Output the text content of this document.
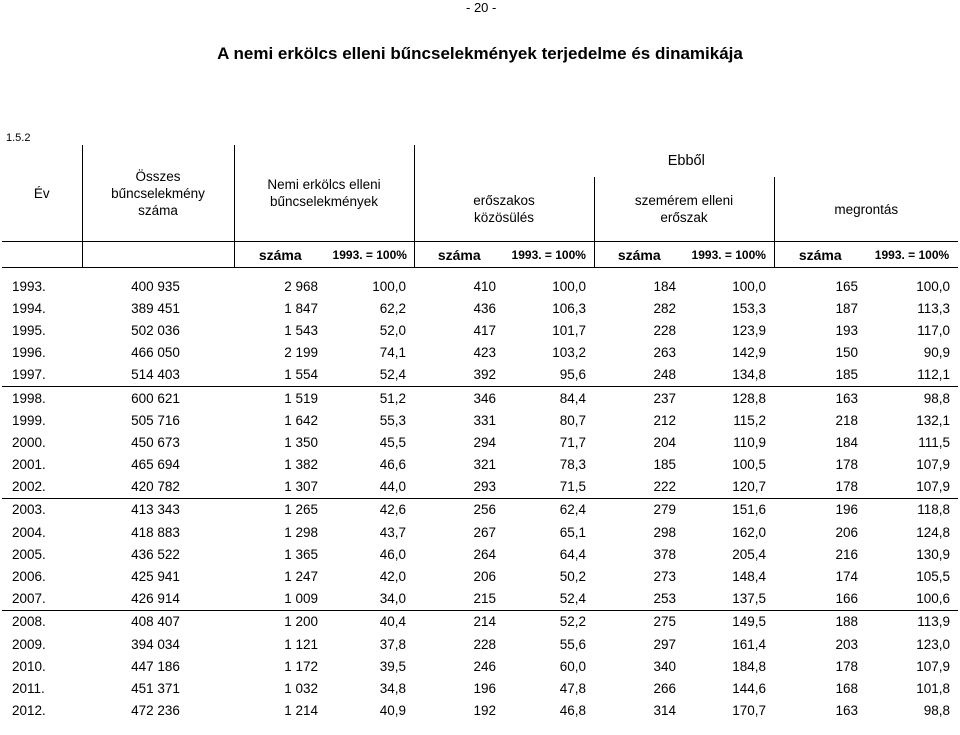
- 20 -
A nemi erkölcs elleni bűncselekmények terjedelme és dinamikája
1.5.2
Év	Összes bűncselekmény száma	Nemi erkölcs elleni bűncselekmények		Ebből					

				erőszakos közösülés		szemérem elleni erőszak		megrontás	
		száma	1993. = 100%	száma	1993. = 100%	száma	1993. = 100%	száma	1993. = 100%

1993.	400 935	2 968	100,0	410	100,0	184	100,0	165	100,0
1994.	389 451	1 847	62,2	436	106,3	282	153,3	187	113,3
1995.	502 036	1 543	52,0	417	101,7	228	123,9	193	117,0
1996.	466 050	2 199	74,1	423	103,2	263	142,9	150	90,9
1997.	514 403	1 554	52,4	392	95,6	248	134,8	185	112,1
1998.	600 621	1 519	51,2	346	84,4	237	128,8	163	98,8
1999.	505 716	1 642	55,3	331	80,7	212	115,2	218	132,1
2000.	450 673	1 350	45,5	294	71,7	204	110,9	184	111,5
2001.	465 694	1 382	46,6	321	78,3	185	100,5	178	107,9
2002.	420 782	1 307	44,0	293	71,5	222	120,7	178	107,9
2003.	413 343	1 265	42,6	256	62,4	279	151,6	196	118,8
2004.	418 883	1 298	43,7	267	65,1	298	162,0	206	124,8
2005.	436 522	1 365	46,0	264	64,4	378	205,4	216	130,9
2006.	425 941	1 247	42,0	206	50,2	273	148,4	174	105,5
2007.	426 914	1 009	34,0	215	52,4	253	137,5	166	100,6
2008.	408 407	1 200	40,4	214	52,2	275	149,5	188	113,9
2009.	394 034	1 121	37,8	228	55,6	297	161,4	203	123,0
2010.	447 186	1 172	39,5	246	60,0	340	184,8	178	107,9
2011.	451 371	1 032	34,8	196	47,8	266	144,6	168	101,8
2012.	472 236	1 214	40,9	192	46,8	314	170,7	163	98,8
